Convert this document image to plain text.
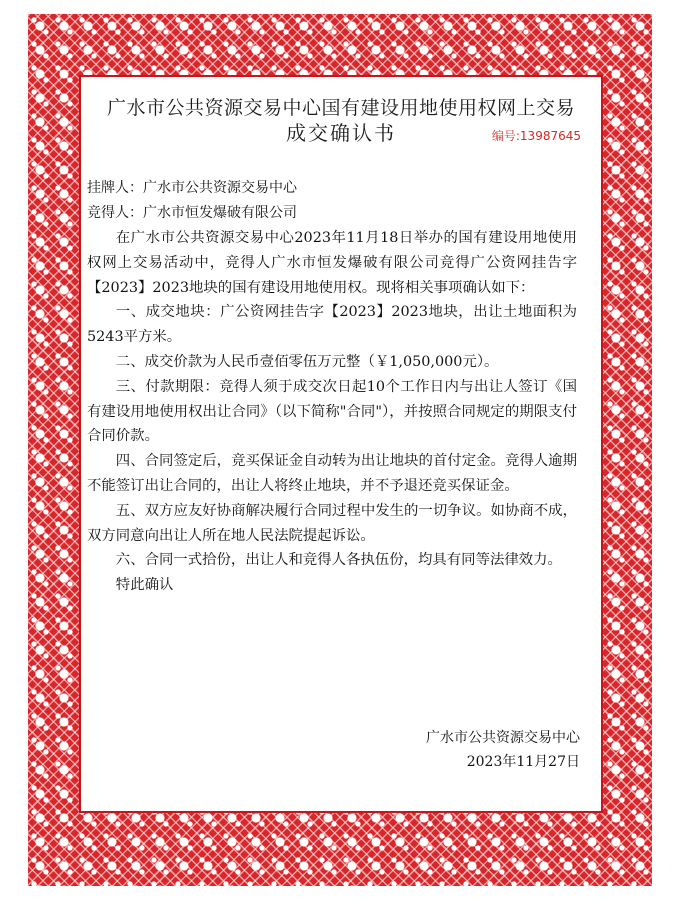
广水市公共资源交易中心国有建设用地使用权网上交易
成交确认书	编号:13987645
挂牌人：广水市公共资源交易中心
竞得人：广水市恒发爆破有限公司

在广水市公共资源交易中心2023年11月18日举办的国有建设用地使用权网上交易活动中，竞得人广水市恒发爆破有限公司竞得广公资网挂告字【2023】2023地块的国有建设用地使用权。现将相关事项确认如下：

一、成交地块：广公资网挂告字【2023】2023地块，出让土地面积为5243平方米。

二、成交价款为人民币壹佰零伍万元整（￥1,050,000元）。

三、付款期限：竞得人须于成交次日起10个工作日内与出让人签订《国有建设用地使用权出让合同》（以下简称"合同"），并按照合同规定的期限支付合同价款。

四、合同签定后，竞买保证金自动转为出让地块的首付定金。竞得人逾期不能签订出让合同的，出让人将终止地块，并不予退还竞买保证金。

五、双方应友好协商解决履行合同过程中发生的一切争议。如协商不成，双方同意向出让人所在地人民法院提起诉讼。

六、合同一式拾份，出让人和竞得人各执伍份，均具有同等法律效力。

特此确认

广水市公共资源交易中心
2023年11月27日
